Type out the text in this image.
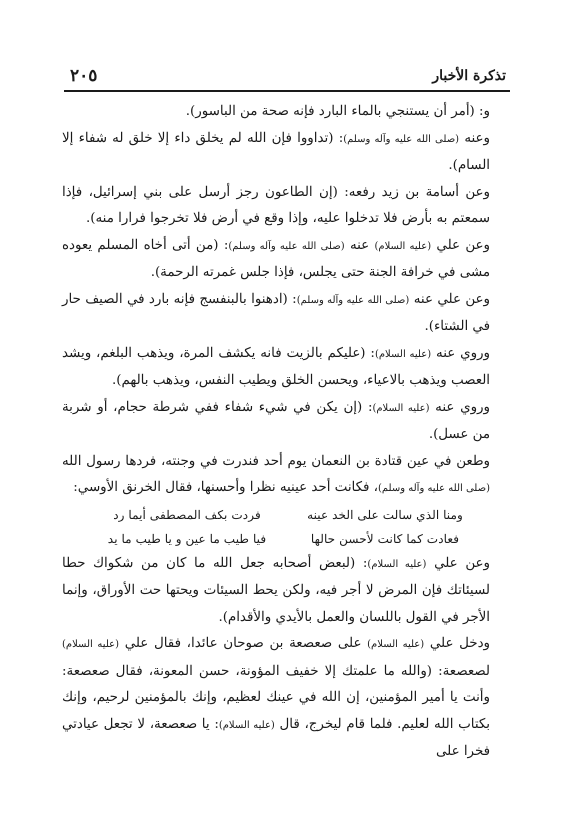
تذكرة الأخبار
٢٠٥

و: (أمر أن يستنجي بالماء البارد فإنه صحة من الباسور).

وعنه (صلى الله عليه وآله وسلم): (تداووا فإن الله لم يخلق داء إلا خلق له شفاء إلا السام).

وعن أسامة بن زيد رفعه: (إن الطاعون رجز أرسل على بني إسرائيل، فإذا سمعتم به بأرض فلا تدخلوا عليه، وإذا وقع في أرض فلا تخرجوا فرارا منه).

وعن علي (عليه السلام) عنه (صلى الله عليه وآله وسلم): (من أتى أخاه المسلم يعوده مشى في خرافة الجنة حتى يجلس، فإذا جلس غمرته الرحمة).

وعن علي عنه (صلى الله عليه وآله وسلم): (ادهنوا بالبنفسج فإنه بارد في الصيف حار في الشتاء).

وروي عنه (عليه السلام): (عليكم بالزيت فانه يكشف المرة، ويذهب البلغم، ويشد العصب ويذهب بالاعياء، ويحسن الخلق ويطيب النفس، ويذهب بالهم).

وروي عنه (عليه السلام): (إن يكن في شيء شفاء ففي شرطة حجام، أو شربة من عسل).

وطعن في عين قتادة بن النعمان يوم أحد فندرت في وجنته، فردها رسول الله (صلى الله عليه وآله وسلم)، فكانت أحد عينيه نظرا وأحسنها، فقال الخرنق الأوسي:

ومنا الذي سالت على الخد عينه
فردت بكف المصطفى أيما رد
فعادت كما كانت لأحسن حالها
فيا طيب ما عين و يا طيب ما يد

وعن علي (عليه السلام): (لبعض أصحابه جعل الله ما كان من شكواك حطا لسيئاتك فإن المرض لا أجر فيه، ولكن يحط السيئات ويحتها حت الأوراق، وإنما الأجر في القول باللسان والعمل بالأيدي والأقدام).

ودخل علي (عليه السلام) على صعصعة بن صوحان عائدا، فقال علي (عليه السلام) لصعصعة: (والله ما علمتك إلا خفيف المؤونة، حسن المعونة، فقال صعصعة: وأنت يا أمير المؤمنين، إن الله في عينك لعظيم، وإنك بالمؤمنين لرحيم، وإنك بكتاب الله لعليم. فلما قام ليخرج، قال (عليه السلام): يا صعصعة، لا تجعل عيادتي فخرا على
